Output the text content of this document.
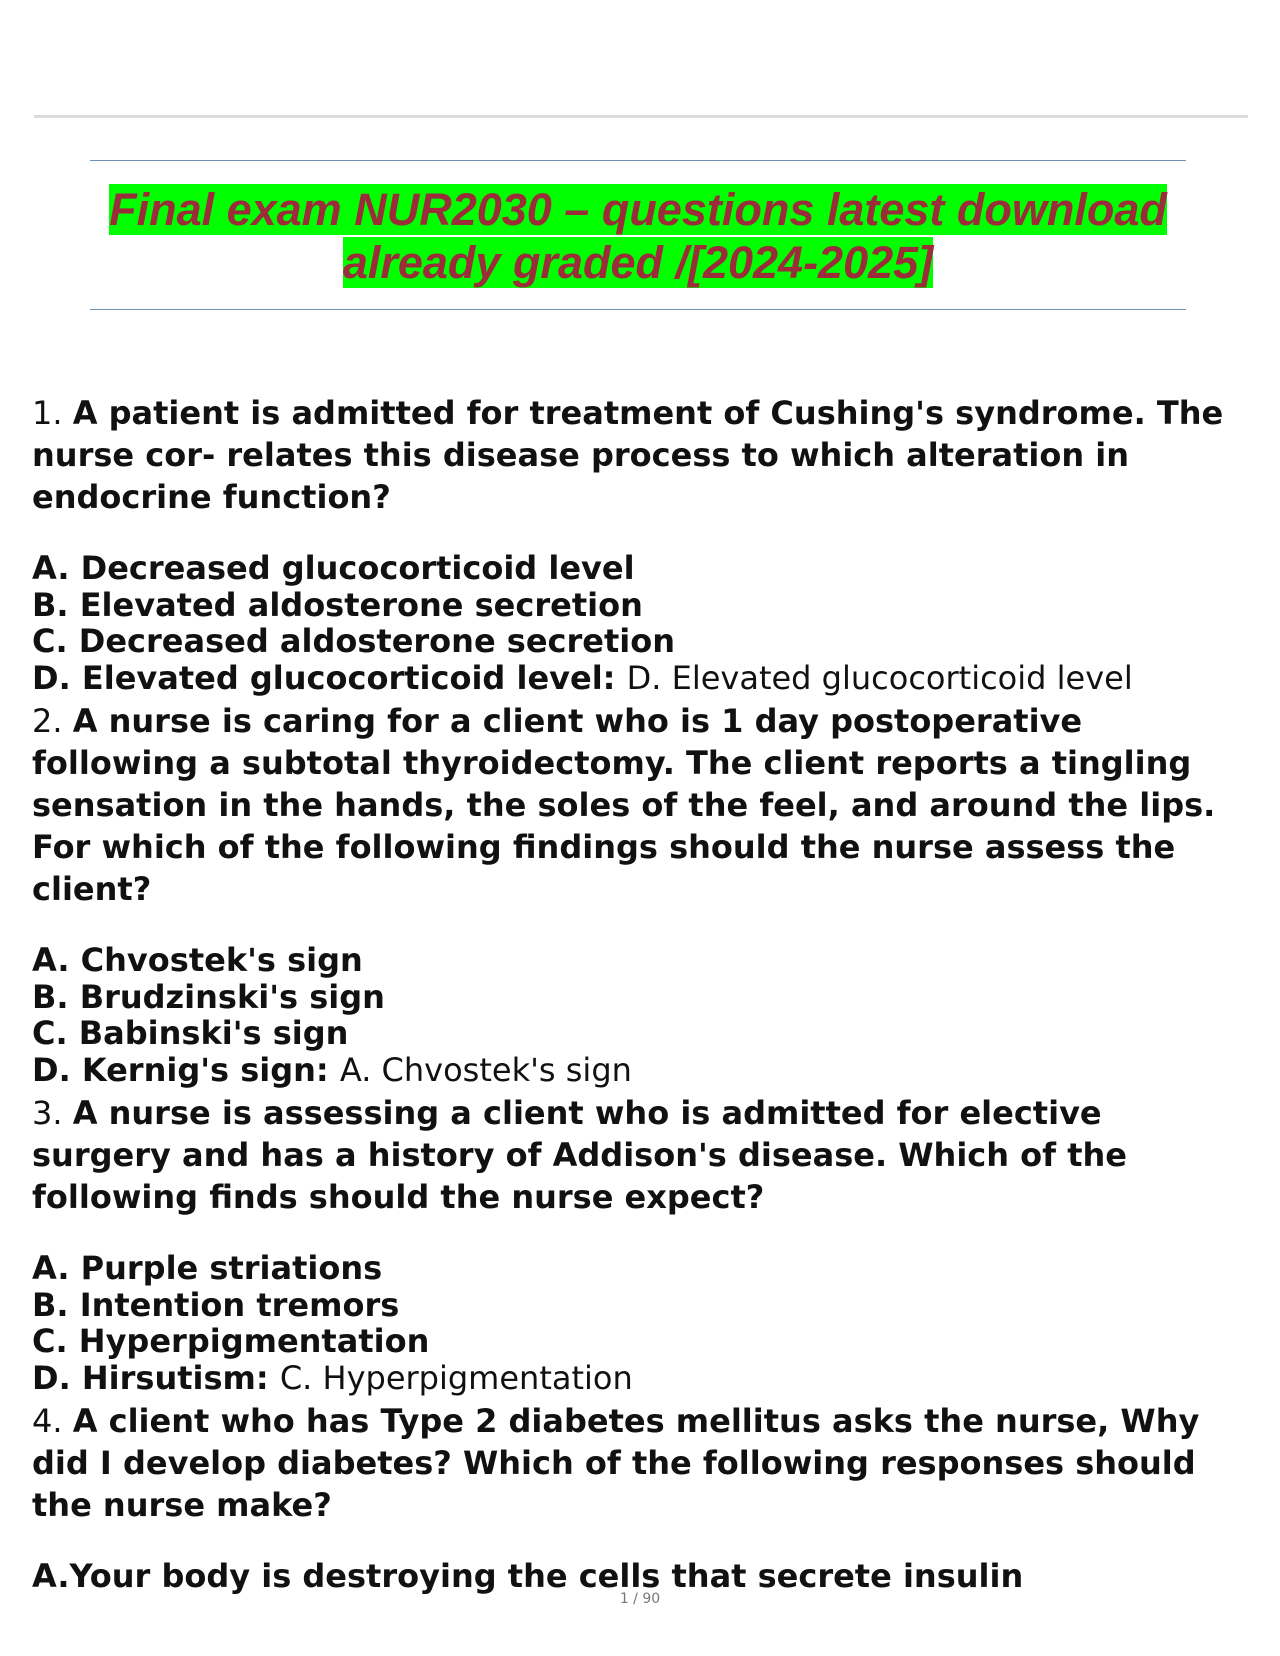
Final exam NUR2030 – questions latest download
already graded /[2024-2025]

1. A patient is admitted for treatment of Cushing's syndrome. The nurse cor- relates this disease process to which alteration in endocrine function?

A. Decreased glucocorticoid level

B. Elevated aldosterone secretion

C. Decreased aldosterone secretion

D. Elevated glucocorticoid level: D. Elevated glucocorticoid level

2. A nurse is caring for a client who is 1 day postoperative following a subtotal thyroidectomy. The client reports a tingling sensation in the hands, the soles of the feel, and around the lips. For which of the following findings should the nurse assess the client?

A. Chvostek's sign

B. Brudzinski's sign

C. Babinski's sign

D. Kernig's sign: A. Chvostek's sign

3. A nurse is assessing a client who is admitted for elective surgery and has a history of Addison's disease. Which of the following finds should the nurse expect?

A. Purple striations

B. Intention tremors

C. Hyperpigmentation

D. Hirsutism: C. Hyperpigmentation

4. A client who has Type 2 diabetes mellitus asks the nurse, Why did I develop diabetes? Which of the following responses should the nurse make?

A.Your body is destroying the cells that secrete insulin

1 / 90
